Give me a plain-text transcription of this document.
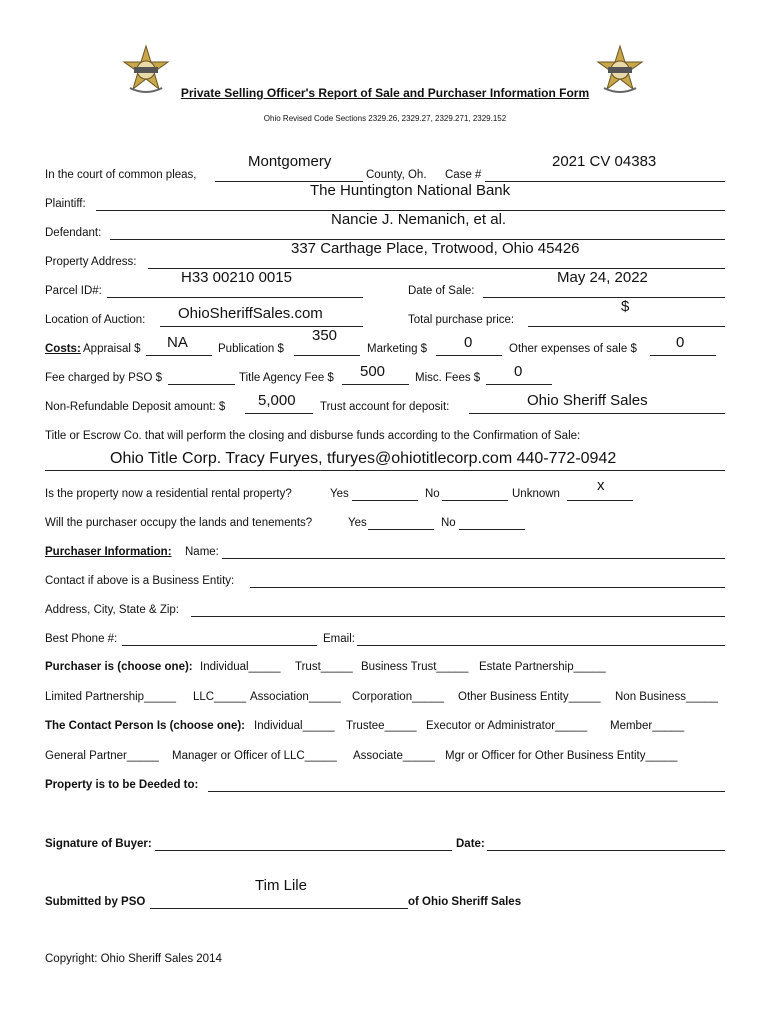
Private Selling Officer's Report of Sale and Purchaser Information Form
Ohio Revised Code Sections 2329.26, 2329.27, 2329.271, 2329.152
In the court of common pleas,
Montgomery
County, Oh. Case #
2021 CV 04383
Plaintiff:
The Huntington National Bank
Defendant:
Nancie J. Nemanich, et al.
Property Address:
337 Carthage Place, Trotwood, Ohio 45426
Parcel ID#:
H33 00210 0015
Date of Sale:
May 24, 2022
Location of Auction: OhioSheriffSales.com	Total purchase price:
$
Costs: Appraisal $ NA	Publication $
350
Marketing $ 0	Other expenses of sale $	0
Fee charged by PSO $	Title Agency Fee $ 500	Misc. Fees $ 0
Non-Refundable Deposit amount: $ 5,000 Trust account for deposit:	Ohio Sheriff Sales
Title or Escrow Co. that will perform the closing and disburse funds according to the Confirmation of Sale:
Ohio Title Corp. Tracy Furyes, tfuryes@ohiotitlecorp.com 440-772-0942
Is the property now a residential rental property?	Yes	No	Unknown x
Will the purchaser occupy the lands and tenements?	Yes	No
Purchaser Information: Name:
Contact if above is a Business Entity:
Address, City, State & Zip:
Best Phone #:	Email:
Purchaser is (choose one): Individual_____ Trust_____ Business Trust_____ Estate Partnership_____
Limited Partnership_____ LLC_____ Association_____ Corporation_____ Other Business Entity_____ Non Business_____
The Contact Person Is (choose one): Individual_____ Trustee_____ Executor or Administrator_____ Member_____
General Partner_____ Manager or Officer of LLC_____ Associate_____ Mgr or Officer for Other Business Entity_____
Property is to be Deeded to:
Signature of Buyer:	Date:
Tim Lile
Submitted by PSO	of Ohio Sheriff Sales
Copyright: Ohio Sheriff Sales 2014
